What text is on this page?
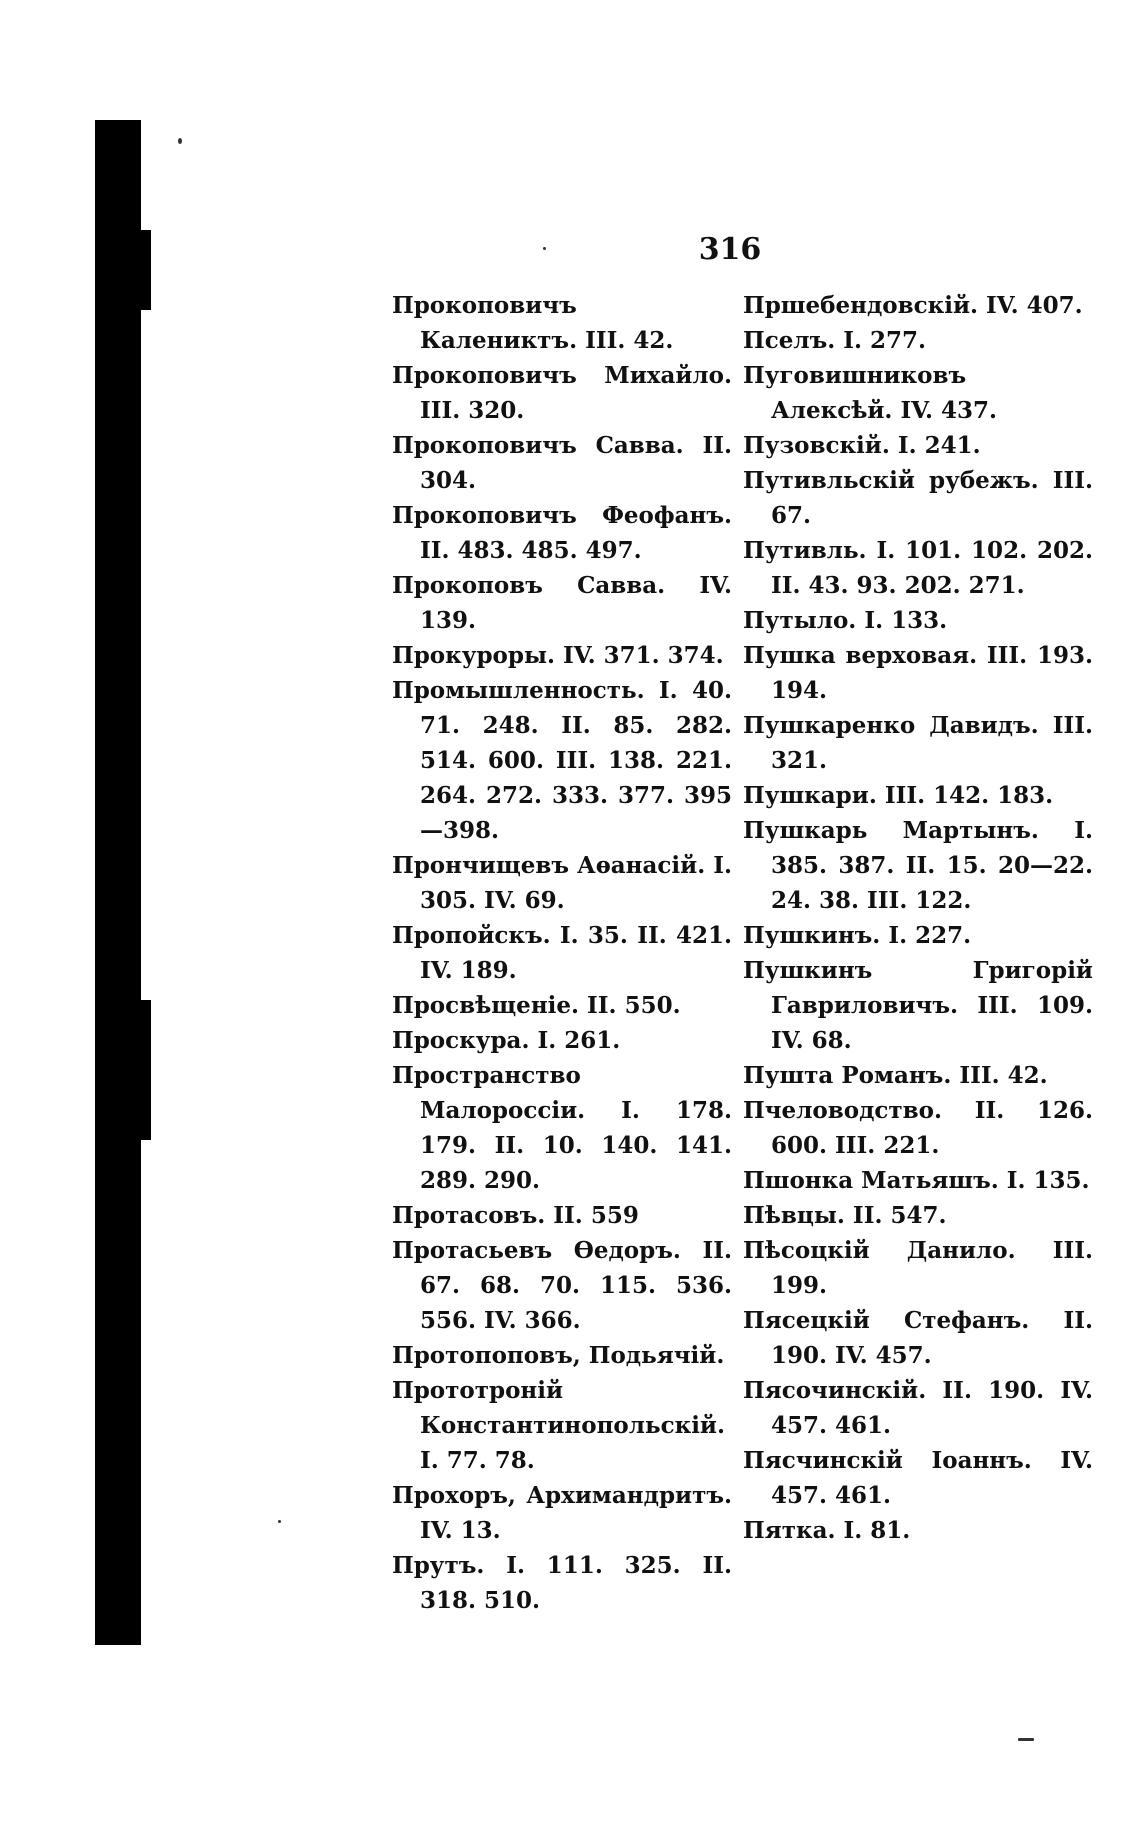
316

Прокоповичъ Калениктъ. III. 42.

Прокоповичъ Михайло. III. 320.

Прокоповичъ Савва. II. 304.

Прокоповичъ Феофанъ. II. 483. 485. 497.

Прокоповъ Савва. IV. 139.

Прокуроры. IV. 371. 374.

Промышленность. I. 40. 71. 248. II. 85. 282. 514. 600. III. 138. 221. 264. 272. 333. 377. 395—398.

Прончищевъ Аѳанасій. I. 305. IV. 69.

Пропойскъ. I. 35. II. 421. IV. 189.

Просвѣщеніе. II. 550.

Проскура. I. 261.

Пространство Малороссіи. I. 178. 179. II. 10. 140. 141. 289. 290.

Протасовъ. II. 559

Протасьевъ Ѳедоръ. II. 67. 68. 70. 115. 536. 556. IV. 366.

Протопоповъ, Подьячій.

Прототроній Константинопольскій. I. 77. 78.

Прохоръ, Архимандритъ. IV. 13.

Прутъ. I. 111. 325. II. 318. 510.

Пршебендовскій. IV. 407.

Пселъ. I. 277.

Пуговишниковъ Алексѣй. IV. 437.

Пузовскій. I. 241.

Путивльскій рубежъ. III. 67.

Путивль. I. 101. 102. 202. II. 43. 93. 202. 271.

Путыло. I. 133.

Пушка верховая. III. 193. 194.

Пушкаренко Давидъ. III. 321.

Пушкари. III. 142. 183.

Пушкарь Мартынъ. I. 385. 387. II. 15. 20—22. 24. 38. III. 122.

Пушкинъ. I. 227.

Пушкинъ Григорій Гавриловичъ. III. 109. IV. 68.

Пушта Романъ. III. 42.

Пчеловодство. II. 126. 600. III. 221.

Пшонка Матьяшъ. I. 135.

Пѣвцы. II. 547.

Пѣсоцкій Данило. III. 199.

Пясецкій Стефанъ. II. 190. IV. 457.

Пясочинскій. II. 190. IV. 457. 461.

Пясчинскій Іоаннъ. IV. 457. 461.

Пятка. I. 81.
